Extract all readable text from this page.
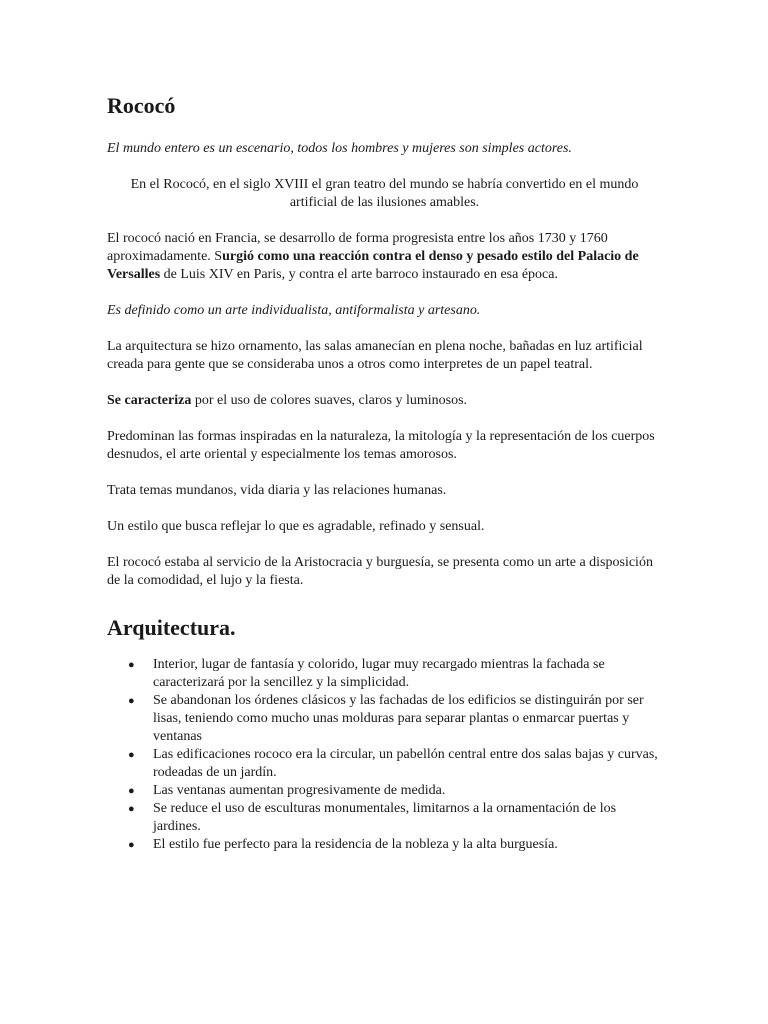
Rococó

El mundo entero es un escenario, todos los hombres y mujeres son simples actores.

En el Rococó, en el siglo XVIII el gran teatro del mundo se habría convertido en el mundo artificial de las ilusiones amables.

El rococó nació en Francia, se desarrollo de forma progresista entre los años 1730 y 1760 aproximadamente. Surgió como una reacción contra el denso y pesado estilo del Palacio de Versalles de Luis XIV en Paris, y contra el arte barroco instaurado en esa época.

Es definido como un arte individualista, antiformalista y artesano.

La arquitectura se hizo ornamento, las salas amanecían en plena noche, bañadas en luz artificial creada para gente que se consideraba unos a otros como interpretes de un papel teatral.

Se caracteriza por el uso de colores suaves, claros y luminosos.

Predominan las formas inspiradas en la naturaleza, la mitología y la representación de los cuerpos desnudos, el arte oriental y especialmente los temas amorosos.

Trata temas mundanos, vida diaria y las relaciones humanas.

Un estilo que busca reflejar lo que es agradable, refinado y sensual.

El rococó estaba al servicio de la Aristocracia y burguesía, se presenta como un arte a disposición de la comodidad, el lujo y la fiesta.

Arquitectura.
● Interior, lugar de fantasía y colorido, lugar muy recargado mientras la fachada se caracterizará por la sencillez y la simplicidad.
● Se abandonan los órdenes clásicos y las fachadas de los edificios se distinguirán por ser lisas, teniendo como mucho unas molduras para separar plantas o enmarcar puertas y ventanas
● Las edificaciones rococo era la circular, un pabellón central entre dos salas bajas y curvas, rodeadas de un jardín.
● Las ventanas aumentan progresivamente de medida.
● Se reduce el uso de esculturas monumentales, limitarnos a la ornamentación de los jardines.
● El estilo fue perfecto para la residencia de la nobleza y la alta burguesía.
